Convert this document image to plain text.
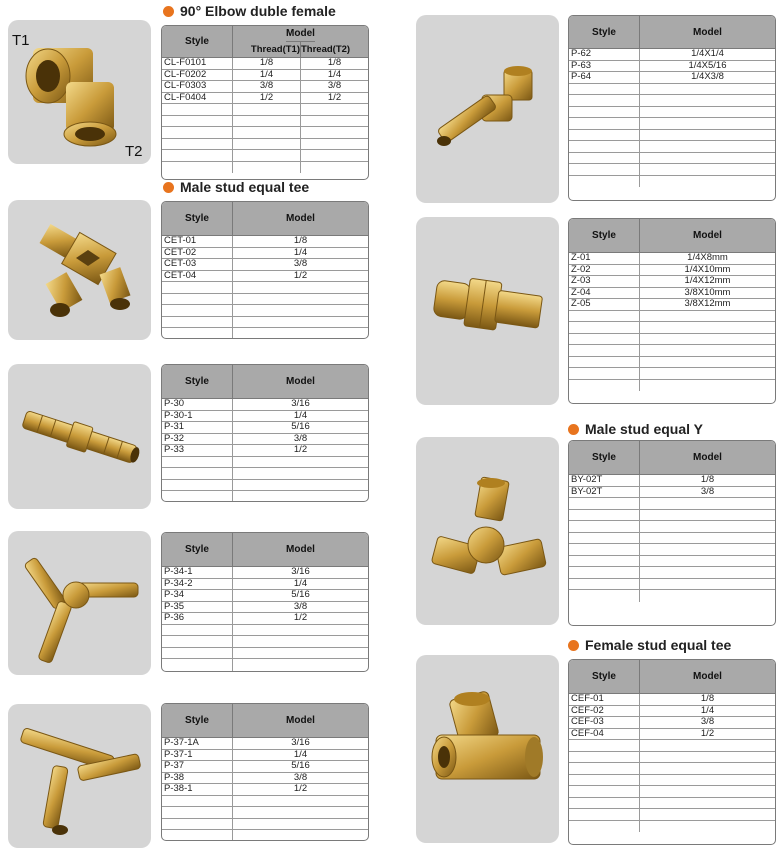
90° Elbow duble female
T1
T2
Style
Model
Thread(T1) Thread(T2)
CL-F0101	1/8	1/8
CL-F0202	1/4	1/4
CL-F0303	3/8	3/8
CL-F0404	1/2	1/2
Male stud equal tee
Style	Model
CET-01	1/8
CET-02	1/4
CET-03	3/8
CET-04	1/2
Style	Model
P-30	3/16
P-30-1	1/4
P-31	5/16
P-32	3/8
P-33	1/2
Style	Model
P-34-1	3/16
P-34-2	1/4
P-34	5/16
P-35	3/8
P-36	1/2
Style	Model
P-37-1A	3/16
P-37-1	1/4
P-37	5/16
P-38	3/8
P-38-1	1/2
Style	Model
P-62	1/4X1/4
P-63	1/4X5/16
P-64	1/4X3/8
Style	Model
Z-01	1/4X8mm
Z-02	1/4X10mm
Z-03	1/4X12mm
Z-04	3/8X10mm
Z-05	3/8X12mm
Male stud equal Y
Style	Model
BY-02T	1/8
BY-02T	3/8
Female stud equal tee
Style	Model
CEF-01	1/8
CEF-02	1/4
CEF-03	3/8
CEF-04	1/2
